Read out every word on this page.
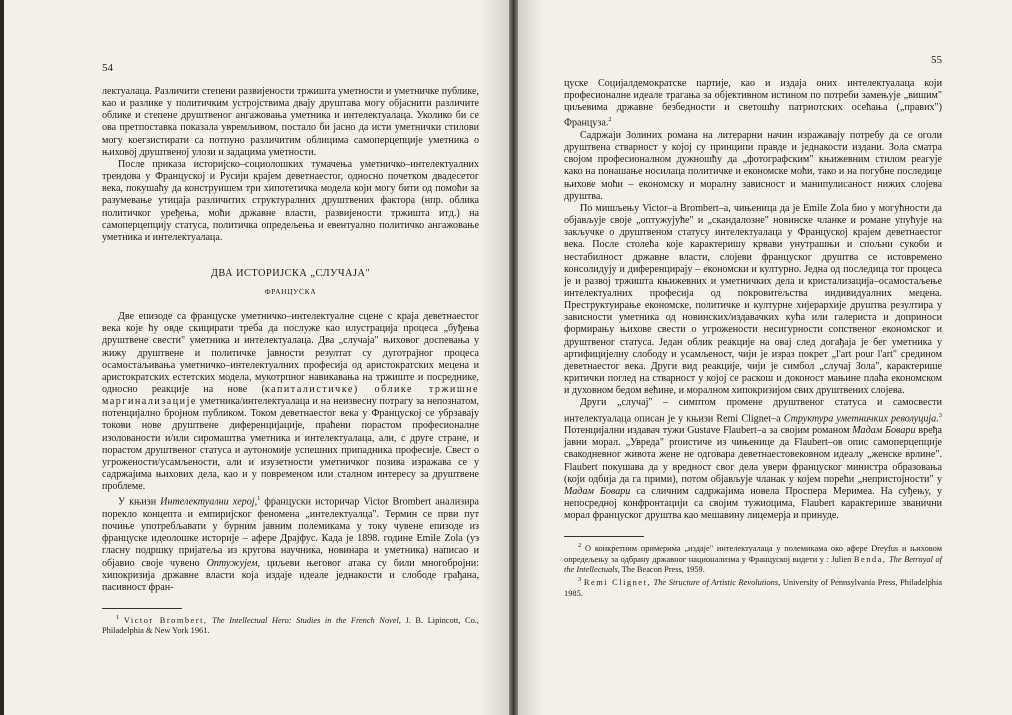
54

лектуалаца. Различити степени развијености тржишта уметности и уметничке публике, као и разлике у политичким устројствима двају друштава могу објаснити различите облике и степене друштвеног ангажовања уметника и интелектуалаца. Уколико би се ова претпоставка показала увремљивом, постало би јасно да исти уметнички стилови могу коегзистирати са потпуно различитим облицима самоперцепције уметника о њиховој друштвеној улози и задацима уметности.

После приказа историјско–социолошких тумачења уметничко–интелектуалних трендова у Француској и Русији крајем деветнаестог, односно почетком двадесетог века, покушаћу да конструишем три хипотетичка модела који могу бити од помоћи за разумевање утицаја различитих структуралних друштвених фактора (нпр. облика политичког уређења, моћи државне власти, развијености тржишта итд.) на самоперцепцију статуса, политичка опредељења и евентуално политичко ангажовање уметника и интелектуалаца.

ДВА ИСТОРИЈСКА „СЛУЧАЈА"
ФРАНЦУСКА

Две епизоде са француске уметничко–интелектуалне сцене с краја деветнаестог века које ћу овде скицирати треба да послуже као илустрација процеса „буђења друштвене свести" уметника и интелектуалаца. Два „случаја" њиховог доспевања у жижу друштвене и политичке јавности резултат су дуготрајног процеса осамостаљивања уметничко–интелектуалних професија од аристократских мецена и аристократских естетских модела, мукотрпног навикавања на тржиште и посреднике, односно реакције на нове (капиталистичке) облике тржишне маргинализације уметника/интелектуалаца и на неизвесну потрагу за непознатом, потенцијално бројном публиком. Током деветнаестог века у Француској се убрзавају токови нове друштвене диференцијације, праћени порастом професионалне изолованости и/или сиромаштва уметника и интелектуалаца, али, с друге стране, и порастом друштвеног статуса и аутономије успешних припадника професије. Свест о угрожености/усамљености, али и изузетности уметничког позива изражава се у садржајима њихових дела, као и у повременом или сталном интересу за друштвене проблеме.

У књизи Интелектуални херој,$^1$ француски историчар Victor Brombert анализира порекло концепта и емпиријског феномена „интелектуалца". Термин се први пут почиње употребљавати у бурним јавним полемикама у току чувене епизоде из француске идеолошке историје – афере Драјфус. Када је 1898. године Emile Zola (уз гласну подршку пријатеља из кругова научника, новинара и уметника) написао и објавио своје чувено Оптужујем, циљеви његовог атака су били многоброjни: хипокризија државне власти која издаје идеале једнакости и слободе грађана, пасивност фран-

$^1$ Victor Brombert, The Intellectual Hero: Studies in the French Novel, J. B. Lipincott, Co., Philadelphia & New York 1961.

55

цуске Социјалдемократске партије, као и издаја оних интелектуалаца који професионалне идеале трагања за објективном истином по потреби замењује „вишим" циљевима државне безбедности и светошћу патриотских осећања („правих") Француза.$^2$

Садржаји Золиних романа на литерарни начин изражавају потребу да се оголи друштвена стварност у којој су принципи правде и једнакости издани. Зола сматра својом професионалном дужношћу да „фотографским" књижевним стилом реагује како на понашање носилаца политичке и економске моћи, тако и на погубне последице њихове моћи – економску и моралну зависност и манипулисаност нижих слојева друштва.

По мишљењу Victor–a Brombert–a, чињеница да је Emile Zola био у могућности да објављује своје „оптужујуће" и „скандалозне" новинске чланке и романе упућује на закључке о друштвеном статусу интелектуалаца у Француској крајем деветнаестог века. После столећа које карактеришу крвави унутрашњи и спољни сукоби и нестабилност државне власти, слојеви француског друштва се истовремено консолидују и диференцирају – економски и културно. Једна од последица тог процеса је и развој тржишта књижевних и уметничких дела и кристализација–осамостаљење интелектуалних професија од покровитељства индивидуалних мецена. Преструктуирање економске, политичке и културне хијерархије друштва резултира у зависности уметника од новинских/издавачких кућа или галериста и доприноси формирању њихове свести о угрожености несигурности сопственог економског и друштвеног статуса. Један облик реакције на овај след догађаја је бег уметника у артифицијелну слободу и усамљеност, чији је израз покрет „l'art pour l'art" средином деветнаестог века. Други вид реакције, чији је симбол „случај Зола", карактерише критички поглед на стварност у којој се раскош и доконост мањине плаћа економском и духовном бедом већине, и моралном хипокризијом свих друштвених слојева.

Други „случај" – симптом промене друштвеног статуса и самосвести интелектуалаца описан је у књизи Remi Clignet–a Структура уметничких револуција.$^3$ Потенцијални издавач тужи Gustave Flaubert–а за својим романом Мадам Бовари вређа јавни морал. „Увреда" proистиче из чињенице да Flaubert–ов опис самоперцепције свакодневног живота жене не одговара деветнаестовековном идеалу „женске врлине". Flaubert покушава да у вредност свог дела увери француског министра образовања (који одбија да га прими), потом објављује чланак у којем порећи „непристојности" у Мадам Бовари са сличним садржајима новела Проспера Меримеа. На суђењу, у непосредној конфронтацији са својим тужиоцима, Flaubert карактерише званични морал француског друштва као мешавину лицемерја и принуде.

$^2$ О конкретним примерима „издаје" интелектуалаца у полемикама око афере Dreyfus и њиховом опредељењу за одбрану државног национализма у Француској видети у : Julien Benda, The Betrayal of the Intellectuals, The Beacon Press, 1959.

$^3$ Remi Clignet, The Structure of Artistic Revolutions, University of Pennsylvania Press, Philadelphia 1985.
